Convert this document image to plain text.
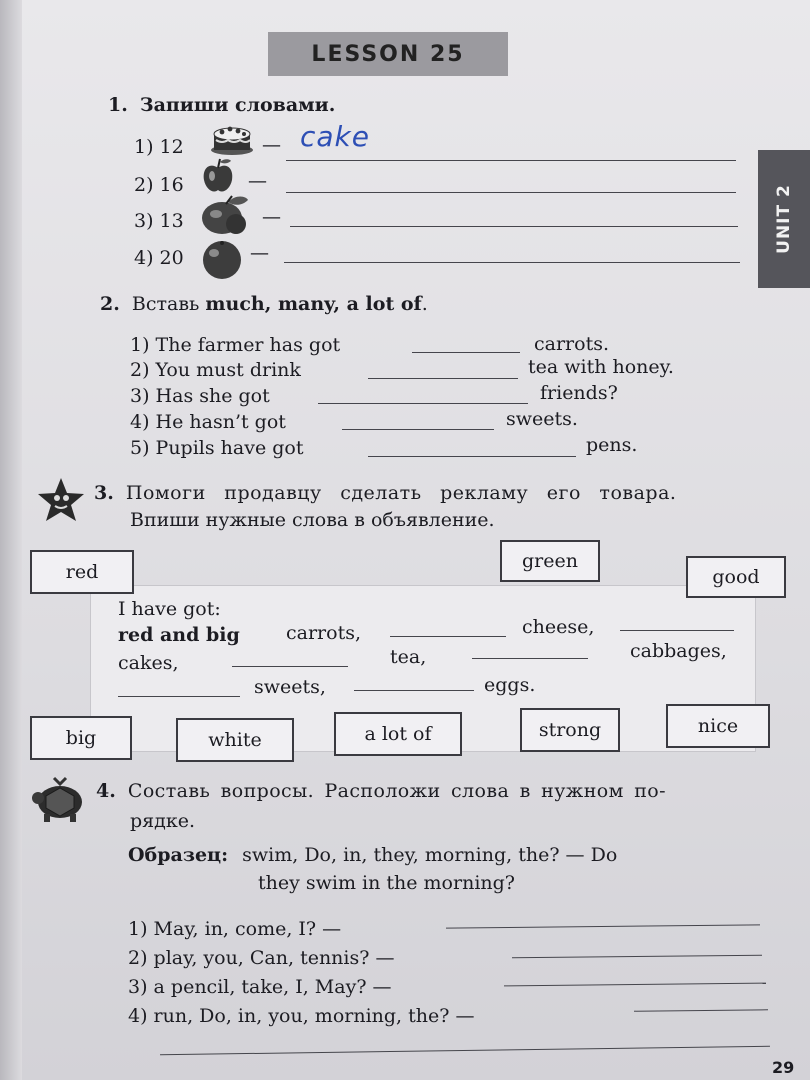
LESSON 25
UNIT 2
1. Запиши словами.
1) 12	— cake
2) 16	—
3) 13	—
4) 20	—
2. Вставь much, many, a lot of.
1) The farmer has got	carrots.
2) You must drink	tea with honey.
3) Has she got	friends?
4) He hasn’t got	sweets.
5) Pupils have got	pens.
3. Помоги продавцу сделать рекламу его товара.
Впиши нужные слова в объявление.
red	green
good
I have got:
red and big carrots,	cheese,
cakes,	tea,	cabbages,
sweets,	eggs.
big	white	a lot of	strong	nice
4. Составь вопросы. Расположи слова в нужном по-
рядке.
Образец: swim, Do, in, they, morning, the? — Do
they swim in the morning?
1) May, in, come, I? —
2) play, you, Can, tennis? —
3) a pencil, take, I, May? —
4) run, Do, in, you, morning, the? —
29
